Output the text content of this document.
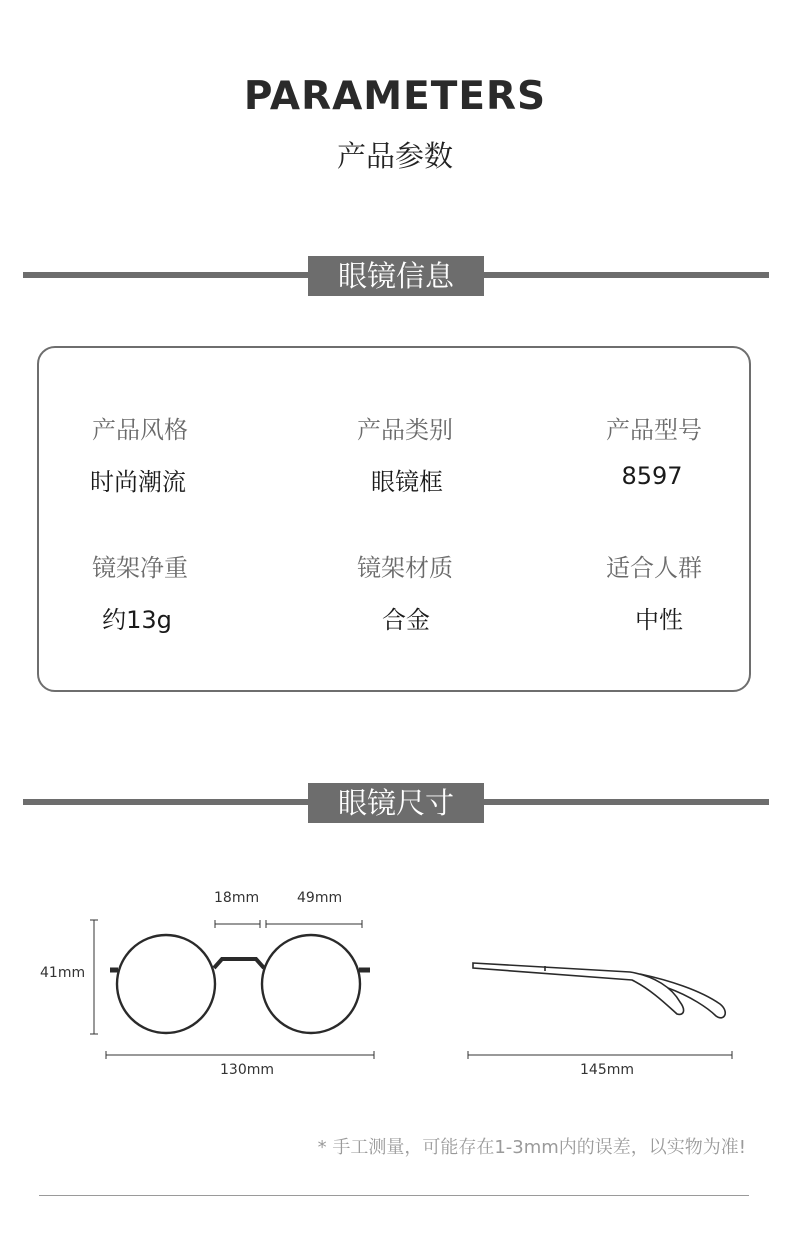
PARAMETERS
产品参数
眼镜信息
产品风格
时尚潮流
产品类别
眼镜框
产品型号
8597
镜架净重
约13g
镜架材质
合金
适合人群
中性
眼镜尺寸
18mm	49mm
41mm
130mm	145mm
* 手工测量，可能存在1-3mm内的误差，以实物为准!
